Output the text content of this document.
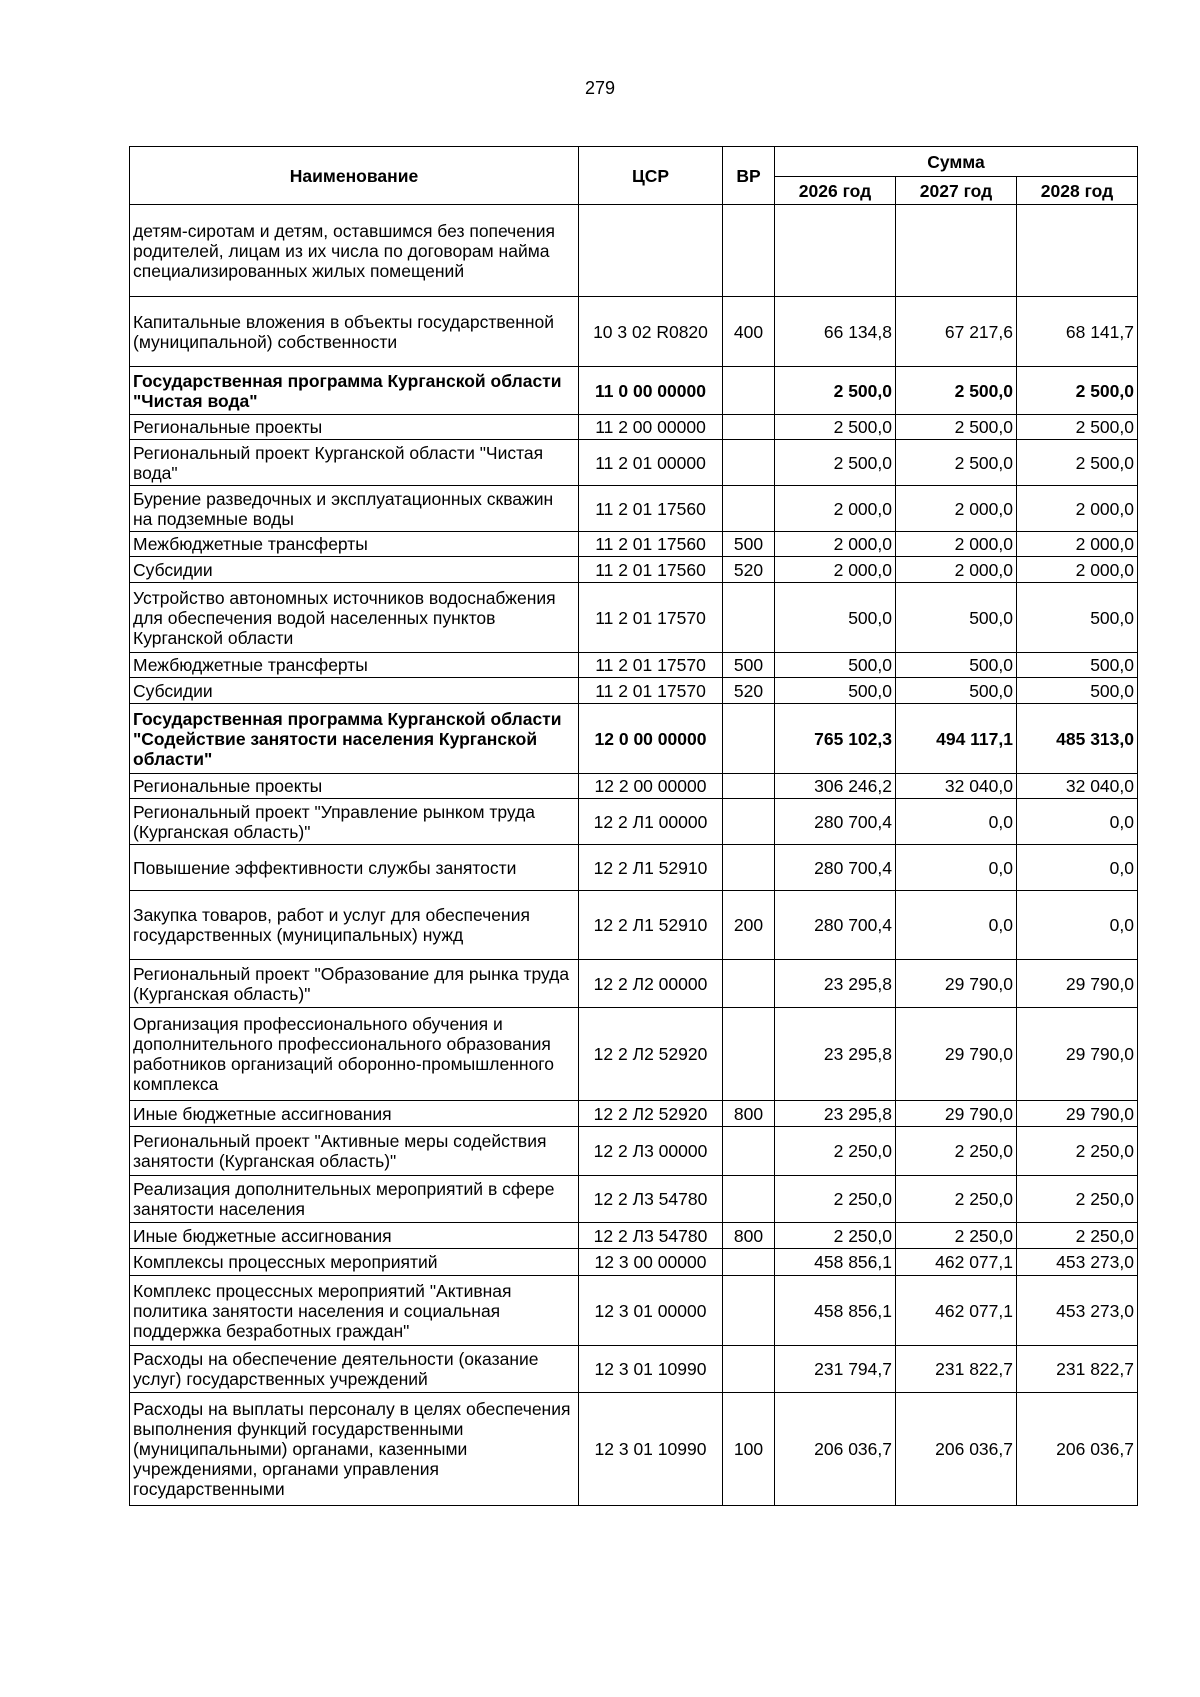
279
Наименование	ЦСР	ВР	Сумма		
			2026 год	2027 год	2028 год
детям-сиротам и детям, оставшимся без попечения родителей, лицам из их числа по договорам найма специализированных жилых помещений					
Капитальные вложения в объекты государственной (муниципальной) собственности	10 3 02 R0820	400	66 134,8	67 217,6	68 141,7
Государственная программа Курганской области "Чистая вода"	11 0 00 00000		2 500,0	2 500,0	2 500,0
Региональные проекты	11 2 00 00000		2 500,0	2 500,0	2 500,0
Региональный проект Курганской области "Чистая вода"	11 2 01 00000		2 500,0	2 500,0	2 500,0
Бурение разведочных и эксплуатационных скважин на подземные воды	11 2 01 17560		2 000,0	2 000,0	2 000,0
Межбюджетные трансферты	11 2 01 17560	500	2 000,0	2 000,0	2 000,0
Субсидии	11 2 01 17560	520	2 000,0	2 000,0	2 000,0
Устройство автономных источников водоснабжения для обеспечения водой населенных пунктов Курганской области	11 2 01 17570		500,0	500,0	500,0
Межбюджетные трансферты	11 2 01 17570	500	500,0	500,0	500,0
Субсидии	11 2 01 17570	520	500,0	500,0	500,0
Государственная программа Курганской области "Содействие занятости населения Курганской области"	12 0 00 00000		765 102,3	494 117,1	485 313,0
Региональные проекты	12 2 00 00000		306 246,2	32 040,0	32 040,0
Региональный проект "Управление рынком труда (Курганская область)"	12 2 Л1 00000		280 700,4	0,0	0,0
Повышение эффективности службы занятости	12 2 Л1 52910		280 700,4	0,0	0,0
Закупка товаров, работ и услуг для обеспечения государственных (муниципальных) нужд	12 2 Л1 52910	200	280 700,4	0,0	0,0
Региональный проект "Образование для рынка труда (Курганская область)"	12 2 Л2 00000		23 295,8	29 790,0	29 790,0
Организация профессионального обучения и дополнительного профессионального образования работников организаций оборонно-промышленного комплекса	12 2 Л2 52920		23 295,8	29 790,0	29 790,0
Иные бюджетные ассигнования	12 2 Л2 52920	800	23 295,8	29 790,0	29 790,0
Региональный проект "Активные меры содействия занятости (Курганская область)"	12 2 Л3 00000		2 250,0	2 250,0	2 250,0
Реализация дополнительных мероприятий в сфере занятости населения	12 2 Л3 54780		2 250,0	2 250,0	2 250,0
Иные бюджетные ассигнования	12 2 Л3 54780	800	2 250,0	2 250,0	2 250,0
Комплексы процессных мероприятий	12 3 00 00000		458 856,1	462 077,1	453 273,0
Комплекс процессных мероприятий "Активная политика занятости населения и социальная поддержка безработных граждан"	12 3 01 00000		458 856,1	462 077,1	453 273,0
Расходы на обеспечение деятельности (оказание услуг) государственных учреждений	12 3 01 10990		231 794,7	231 822,7	231 822,7
Расходы на выплаты персоналу в целях обеспечения выполнения функций государственными (муниципальными) органами, казенными учреждениями, органами управления государственными	12 3 01 10990	100	206 036,7	206 036,7	206 036,7
